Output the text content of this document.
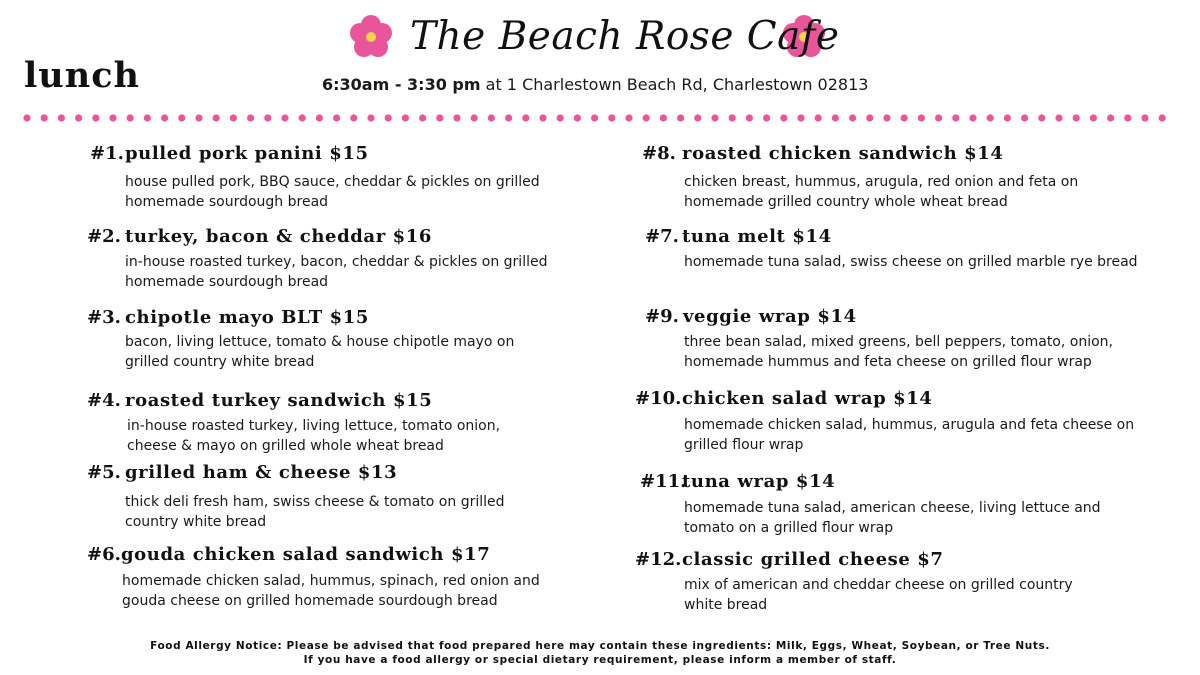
The Beach Rose Cafe
lunch	6:30am - 3:30 pm at 1 Charlestown Beach Rd, Charlestown 02813
#1. pulled pork panini $15
house pulled pork, BBQ sauce, cheddar & pickles on grilled homemade sourdough bread
#2. turkey, bacon & cheddar $16
in-house roasted turkey, bacon, cheddar & pickles on grilled homemade sourdough bread
#3. chipotle mayo BLT $15
bacon, living lettuce, tomato & house chipotle mayo on grilled country white bread
#4. roasted turkey sandwich $15
in-house roasted turkey, living lettuce, tomato onion, cheese & mayo on grilled whole wheat bread
#5. grilled ham & cheese $13
thick deli fresh ham, swiss cheese & tomato on grilled country white bread
#6. gouda chicken salad sandwich $17
homemade chicken salad, hummus, spinach, red onion and gouda cheese on grilled homemade sourdough bread
#8. roasted chicken sandwich $14
chicken breast, hummus, arugula, red onion and feta on homemade grilled country whole wheat bread
#7. tuna melt $14
homemade tuna salad, swiss cheese on grilled marble rye bread
#9. veggie wrap $14
three bean salad, mixed greens, bell peppers, tomato, onion, homemade hummus and feta cheese on grilled flour wrap
#10. chicken salad wrap $14
homemade chicken salad, hummus, arugula and feta cheese on grilled flour wrap
#11.
tuna wrap $14
homemade tuna salad, american cheese, living lettuce and tomato on a grilled flour wrap
#12. classic grilled cheese $7
mix of american and cheddar cheese on grilled country white bread
Food Allergy Notice: Please be advised that food prepared here may contain these ingredients: Milk, Eggs, Wheat, Soybean, or Tree Nuts.
If you have a food allergy or special dietary requirement, please inform a member of staff.
